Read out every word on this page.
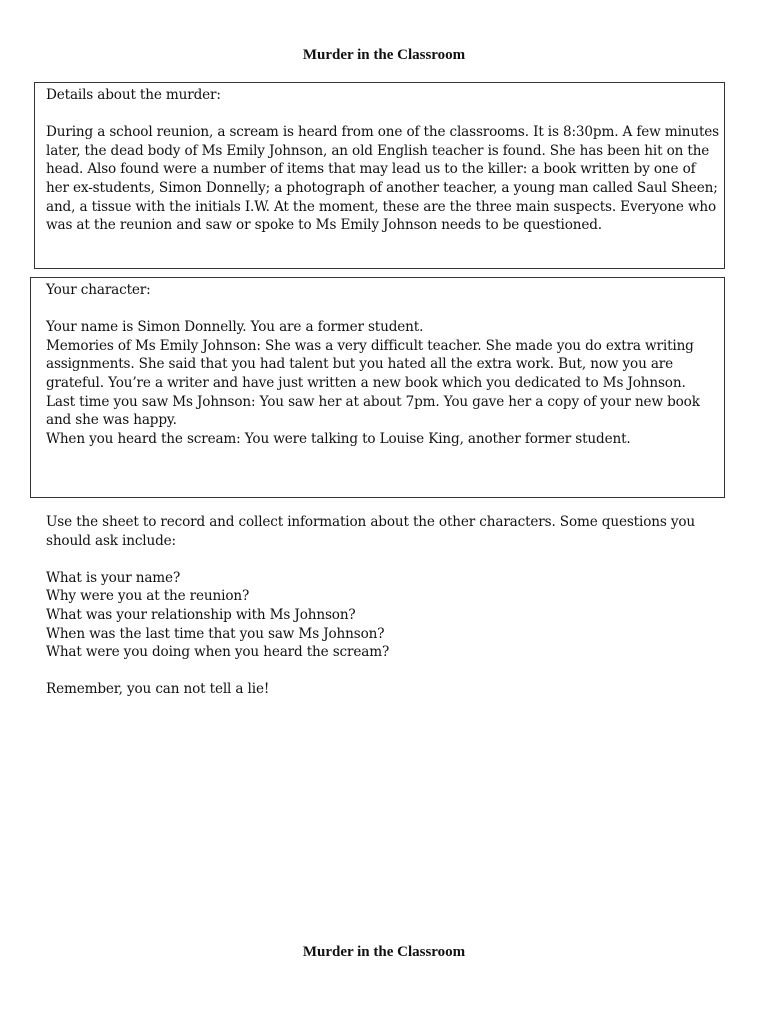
Murder in the Classroom

Details about the murder:

During a school reunion, a scream is heard from one of the classrooms. It is 8:30pm. A few minutes later, the dead body of Ms Emily Johnson, an old English teacher is found. She has been hit on the head. Also found were a number of items that may lead us to the killer: a book written by one of her ex-students, Simon Donnelly; a photograph of another teacher, a young man called Saul Sheen; and, a tissue with the initials I.W. At the moment, these are the three main suspects. Everyone who was at the reunion and saw or spoke to Ms Emily Johnson needs to be questioned.

Your character:

Your name is Simon Donnelly. You are a former student.

Memories of Ms Emily Johnson: She was a very difficult teacher. She made you do extra writing assignments. She said that you had talent but you hated all the extra work. But, now you are grateful. You’re a writer and have just written a new book which you dedicated to Ms Johnson.

Last time you saw Ms Johnson: You saw her at about 7pm. You gave her a copy of your new book and she was happy.

When you heard the scream: You were talking to Louise King, another former student.

Use the sheet to record and collect information about the other characters. Some questions you should ask include:

What is your name?
Why were you at the reunion?
What was your relationship with Ms Johnson?
When was the last time that you saw Ms Johnson?
What were you doing when you heard the scream?

Remember, you can not tell a lie!

Murder in the Classroom
